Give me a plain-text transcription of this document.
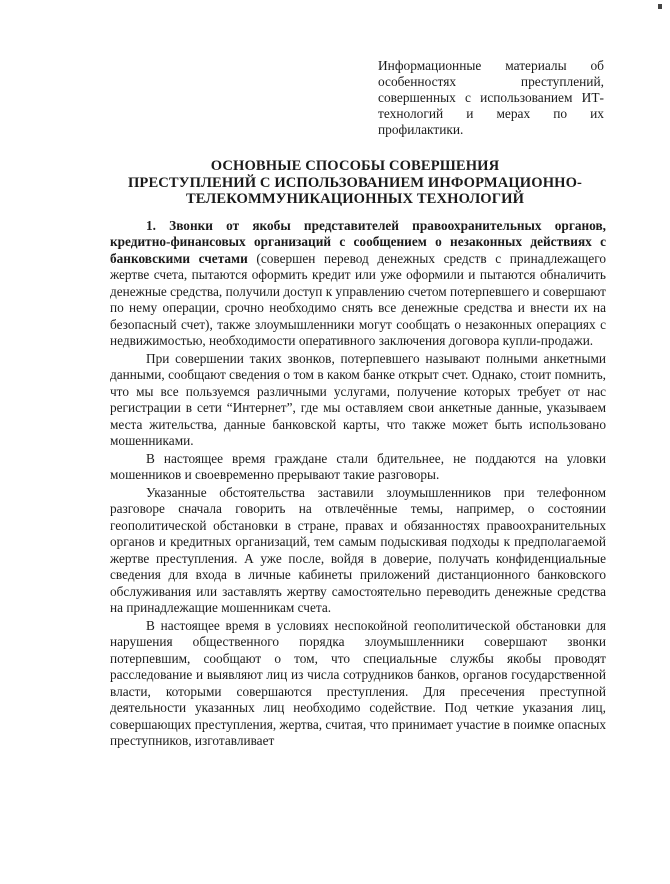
Информационные материалы об особенностях преступлений, совершенных с использованием ИТ-технологий и мерах по их профилактики.
ОСНОВНЫЕ СПОСОБЫ СОВЕРШЕНИЯ
ПРЕСТУПЛЕНИЙ С ИСПОЛЬЗОВАНИЕМ ИНФОРМАЦИОННО-
ТЕЛЕКОММУНИКАЦИОННЫХ ТЕХНОЛОГИЙ

1. Звонки от якобы представителей правоохранительных органов, кредитно-финансовых организаций с сообщением о незаконных действиях с банковскими счетами (совершен перевод денежных средств с принадлежащего жертве счета, пытаются оформить кредит или уже оформили и пытаются обналичить денежные средства, получили доступ к управлению счетом потерпевшего и совершают по нему операции, срочно необходимо снять все денежные средства и внести их на безопасный счет), также злоумышленники могут сообщать о незаконных операциях с недвижимостью, необходимости оперативного заключения договора купли-продажи.

При совершении таких звонков, потерпевшего называют полными анкетными данными, сообщают сведения о том в каком банке открыт счет. Однако, стоит помнить, что мы все пользуемся различными услугами, получение которых требует от нас регистрации в сети “Интернет”, где мы оставляем свои анкетные данные, указываем места жительства, данные банковской карты, что также может быть использовано мошенниками.

В настоящее время граждане стали бдительнее, не поддаются на уловки мошенников и своевременно прерывают такие разговоры.

Указанные обстоятельства заставили злоумышленников при телефонном разговоре сначала говорить на отвлечённые темы, например, о состоянии геополитической обстановки в стране, правах и обязанностях правоохранительных органов и кредитных организаций, тем самым подыскивая подходы к предполагаемой жертве преступления. А уже после, войдя в доверие, получать конфиденциальные сведения для входа в личные кабинеты приложений дистанционного банковского обслуживания или заставлять жертву самостоятельно переводить денежные средства на принадлежащие мошенникам счета.

В настоящее время в условиях неспокойной геополитической обстановки для нарушения общественного порядка злоумышленники совершают звонки потерпевшим, сообщают о том, что специальные службы якобы проводят расследование и выявляют лиц из числа сотрудников банков, органов государственной власти, которыми совершаются преступления. Для пресечения преступной деятельности указанных лиц необходимо содействие. Под четкие указания лиц, совершающих преступления, жертва, считая, что принимает участие в поимке опасных преступников, изготавливает
